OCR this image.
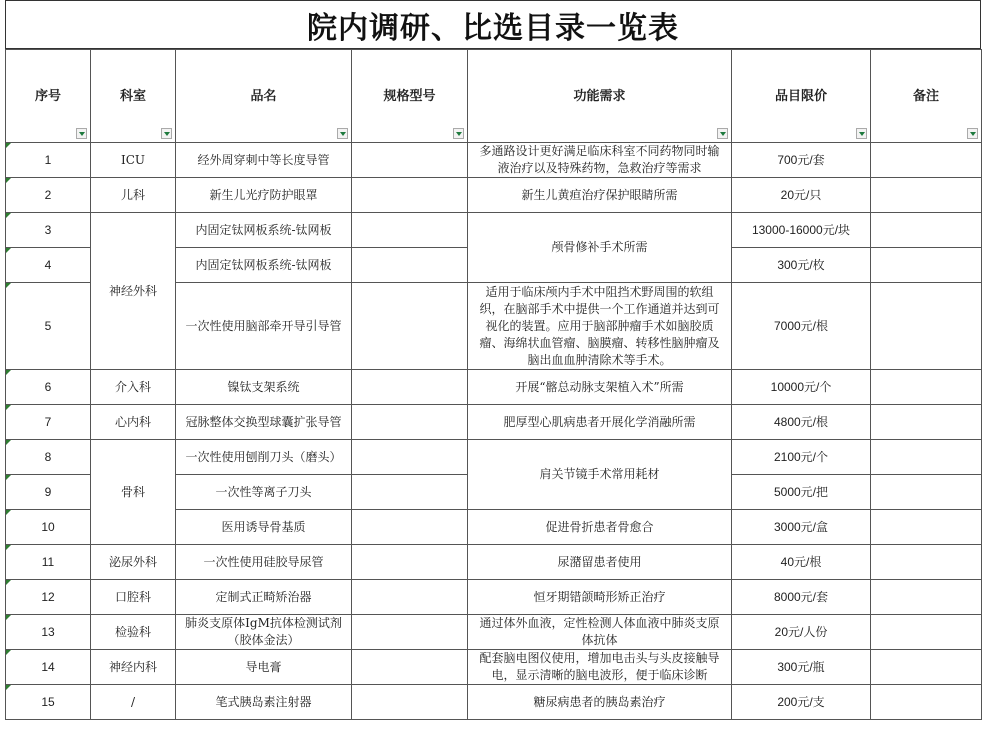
院内调研、比选目录一览表
序号	科室	品名	规格型号	功能需求	品目限价	备注

1	ICU	经外周穿刺中等长度导管		多通路设计更好满足临床科室不同药物同时输液治疗以及特殊药物，急救治疗等需求	700元/套	
2	儿科	新生儿光疗防护眼罩		新生儿黄疸治疗保护眼睛所需	20元/只	
3	神经外科	内固定钛网板系统-钛网板		颅骨修补手术所需	13000-16000元/块	
4		内固定钛网板系统-钛网板			300元/枚	
5		一次性使用脑部牵开导引导管		适用于临床颅内手术中阻挡术野周围的软组织，在脑部手术中提供一个工作通道并达到可视化的装置。应用于脑部肿瘤手术如脑胶质瘤、海绵状血管瘤、脑膜瘤、转移性脑肿瘤及脑出血血肿清除术等手术。	7000元/根	
6	介入科	镍钛支架系统		开展“髂总动脉支架植入术”所需	10000元/个	
7	心内科	冠脉整体交换型球囊扩张导管		肥厚型心肌病患者开展化学消融所需	4800元/根	
8	骨科	一次性使用刨削刀头（磨头）		肩关节镜手术常用耗材	2100元/个	
9		一次性等离子刀头			5000元/把	
10		医用诱导骨基质		促进骨折患者骨愈合	3000元/盒	
11	泌尿外科	一次性使用硅胶导尿管		尿潴留患者使用	40元/根	
12	口腔科	定制式正畸矫治器		恒牙期错颌畸形矫正治疗	8000元/套	
13	检验科	肺炎支原体IgM抗体检测试剂（胶体金法）		通过体外血液，定性检测人体血液中肺炎支原体抗体	20元/人份	
14	神经内科	导电膏		配套脑电图仪使用，增加电击头与头皮接触导电，显示清晰的脑电波形，便于临床诊断	300元/瓶	
15	/	笔式胰岛素注射器		糖尿病患者的胰岛素治疗	200元/支	
